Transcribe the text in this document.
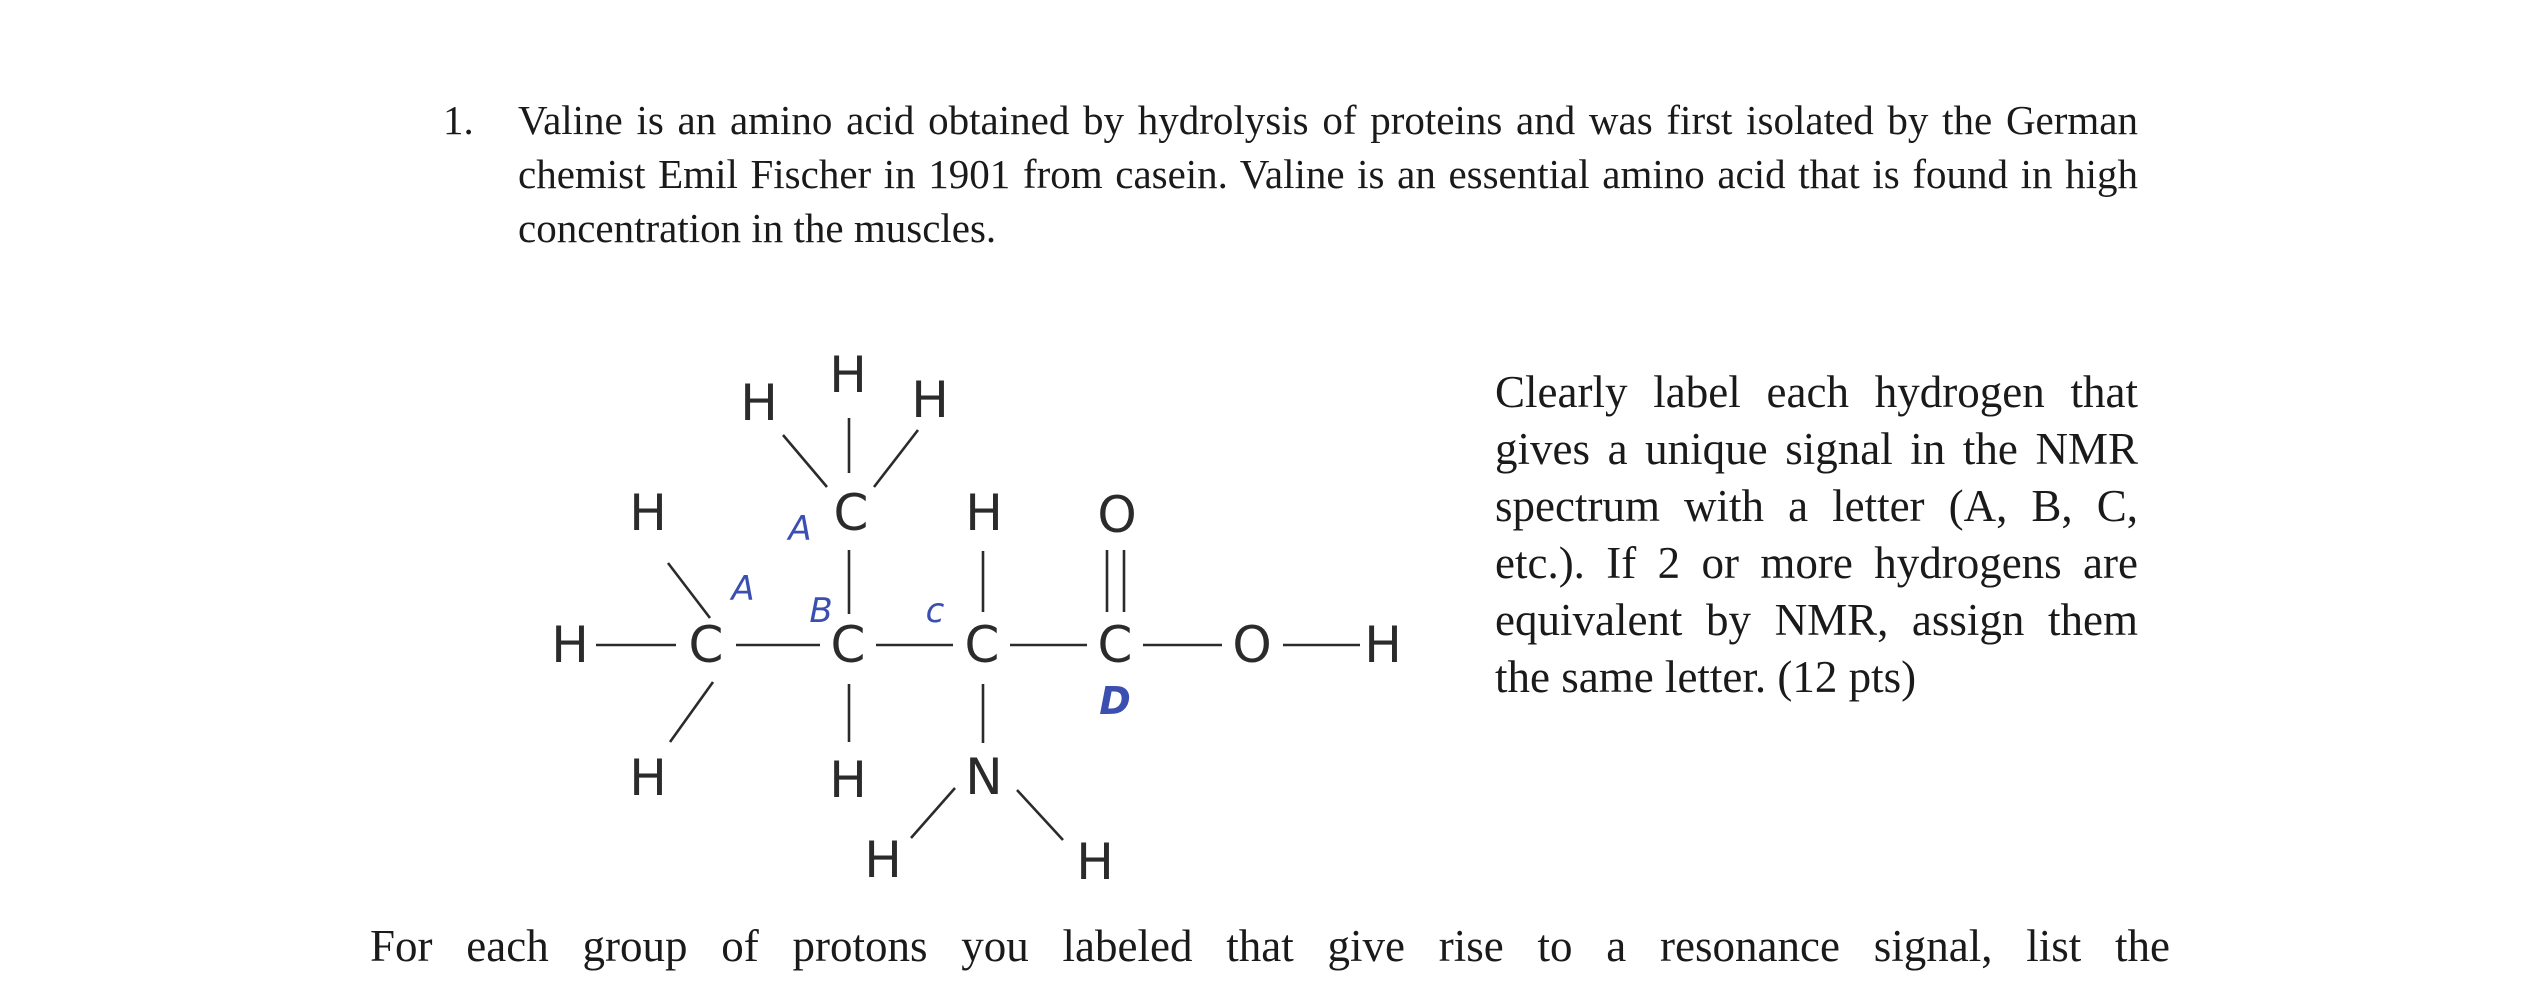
1. Valine is an amino acid obtained by hydrolysis of proteins and was first isolated by the German chemist Emil Fischer in 1901 from casein. Valine is an essential amino acid that is found in high concentration in the muscles.
H C C C C O H
H
H
C
H
H	H
H
H
N
H	H
O
A
A
B	c
D
Clearly label each hydrogen that gives a unique signal in the NMR spectrum with a letter (A, B, C, etc.). If 2 or more hydrogens are equivalent by NMR, assign them the same letter. (12 pts)
For each group of protons you labeled that give rise to a resonance signal, list the
